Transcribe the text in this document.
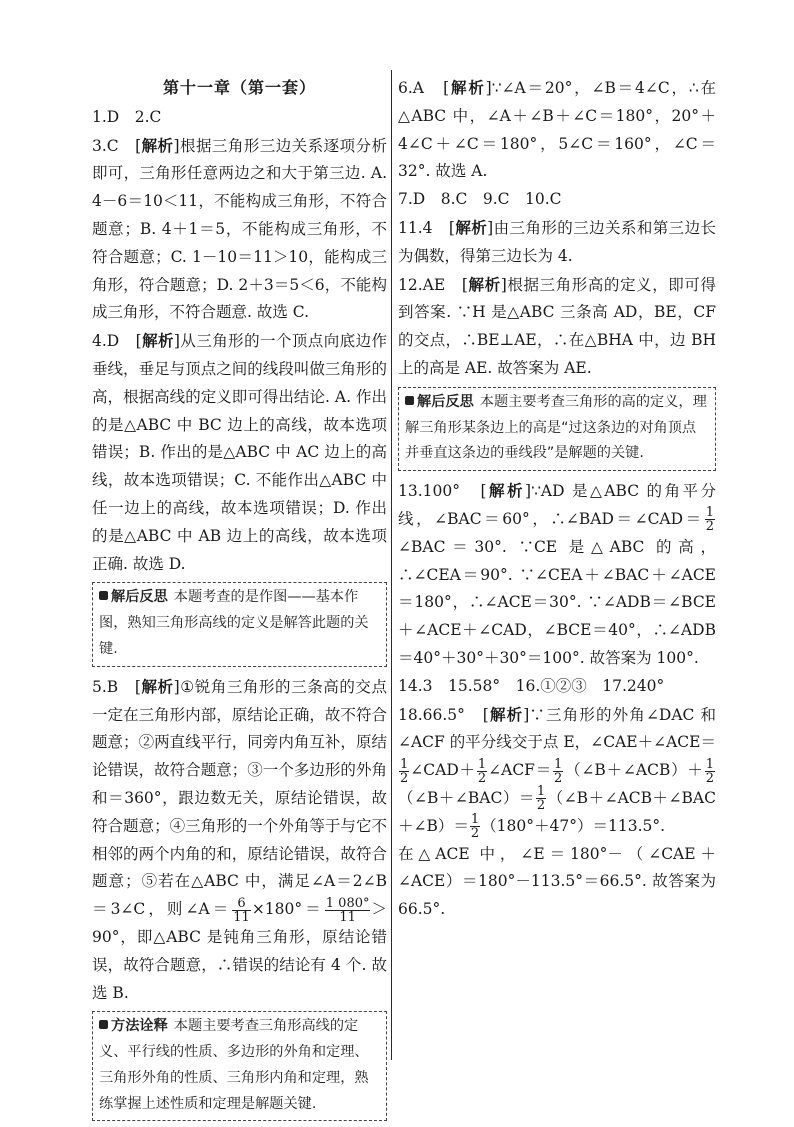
第十一章（第一套）

1.D　2.C

3.C　[ 解析 ] 根据三角形三边关系逐项分析即可，三角形任意两边之和大于第三边. A. 4－6＝10＜11，不能构成三角形，不符合题意；B. 4＋1＝5，不能构成三角形，不符合题意；C. 1－10＝11＞10，能构成三角形，符合题意；D. 2＋3＝5＜6，不能构成三角形，不符合题意. 故选 C.

4.D　[ 解析 ] 从三角形的一个顶点向底边作垂线，垂足与顶点之间的线段叫做三角形的高，根据高线的定义即可得出结论. A. 作出的是△ABC 中 BC 边上的高线，故本选项错误；B. 作出的是△ABC 中 AC 边上的高线，故本选项错误；C. 不能作出△ABC 中任一边上的高线，故本选项错误；D. 作出的是△ABC 中 AB 边上的高线，故本选项正确. 故选 D.

解后反思 本题考查的是作图——基本作图，熟知三角形高线的定义是解答此题的关键.

5.B　[ 解析 ] ①锐角三角形的三条高的交点一定在三角形内部，原结论正确，故不符合题意；②两直线平行，同旁内角互补，原结论错误，故符合题意；③一个多边形的外角和＝360°，跟边数无关，原结论错误，故符合题意；④三角形的一个外角等于与它不相邻的两个内角的和，原结论错误，故符合题意；⑤若在△ABC 中，满足∠A＝2∠B＝3∠C，则∠A＝ $\frac{6}{11} \times 180^\circ= \frac{1 080^\circ}{11} >90^\circ$，即△ABC 是钝角三角形，原结论错误，故符合题意，∴错误的结论有 4 个. 故选 B.

方法诠释 本题主要考查三角形高线的定义、平行线的性质、多边形的外角和定理、三角形外角的性质、三角形内角和定理，熟练掌握上述性质和定理是解题关键.

6.A　[ 解析 ] ∵∠A＝20°，∠B＝4∠C，∴在△ABC 中，∠A＋∠B＋∠C＝180°，20°＋4∠C＋∠C＝180°，5∠C＝160°，∠C＝32°. 故选 A.

7.D　8.C　9.C　10.C

11.4　[ 解析 ] 由三角形的三边关系和第三边长为偶数，得第三边长为 4.

12.AE　[ 解析 ] 根据三角形高的定义，即可得到答案. ∵H 是△ABC 三条高 AD，BE，CF 的交点，∴BE⊥AE，∴在△BHA 中，边 BH 上的高是 AE. 故答案为 AE.

解后反思 本题主要考查三角形的高的定义，理解三角形某条边上的高是“过这条边的对角顶点并垂直这条边的垂线段”是解题的关键.

13.100°　[ 解析 ] ∵AD 是△ABC 的角平分线，∠BAC＝60°，∴∠BAD＝∠CAD＝ $\frac{1}{2}$
∠BAC＝30°. ∵CE 是△ABC 的高，∴∠CEA＝90°. ∵∠CEA＋∠BAC＋∠ACE＝180°，∴∠ACE＝30°. ∵∠ADB＝∠BCE＋∠ACE＋∠CAD，∠BCE＝40°，∴∠ADB＝40°＋30°＋30°＝100°. 故答案为 100°.

14.3　15.58°　16.①②③　17.240°

18.66.5°　[ 解析 ] ∵三角形的外角∠DAC 和∠ACF 的平分线交于点 E，∠CAE＋∠ACE＝
$\frac{1}{2}$ ∠CAD＋ $\frac{1}{2}$ ∠ACF＝ $\frac{1}{2}$ （∠B＋∠ACB）＋ $\frac{1}{2}$
（∠B＋∠BAC）＝ $\frac{1}{2}$ （∠B＋∠ACB＋∠BAC＋∠B）＝ $\frac{1}{2} (180^\circ+47^\circ)=113.5^\circ$.

在△ACE 中，∠E＝180°－（∠CAE＋∠ACE）＝180°－113.5°＝66.5°. 故答案为 66.5°.
